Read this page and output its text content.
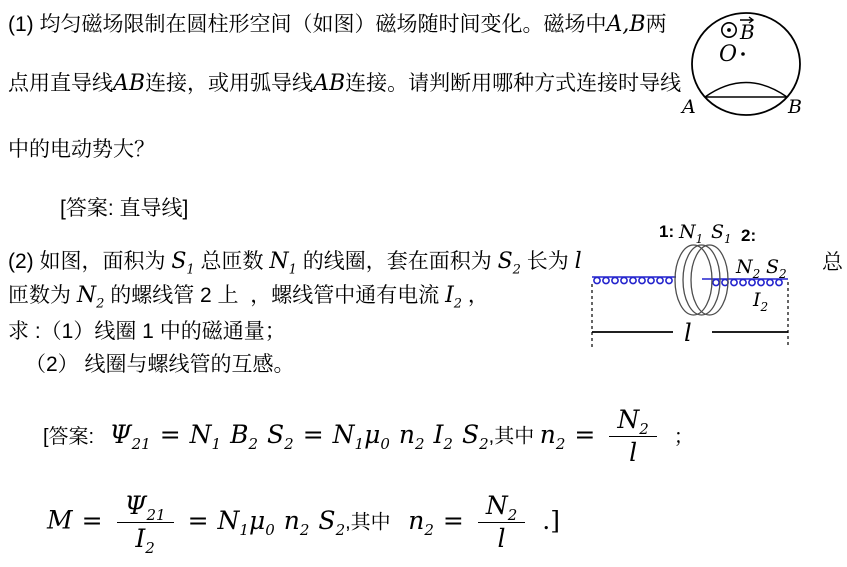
(1) 均匀磁场限制在圆柱形空间（如图）磁场随时间变化。磁场中A,B两
点用直导线AB连接，或用弧导线AB连接。请判断用哪种方式连接时导线
中的电动势大？
[答案: 直导线]
B
O
A	B
(2) 如图，面积为 $S_1$ 总匝数 $N_1$ 的线圈，套在面积为 $S_2$ 长为 l	总
匝数为 $N_2$ 的螺线管 2 上  ，螺线管中通有电流 $I_2$ ，
求 :（1）线圈 1 中的磁通量；
（2） 线圈与螺线管的互感。
1: $N_1$ $S_1$ 2:
$N_2$ $S_2$
$I_2$
l
[答案: $\Psi_{21} = N_1$ $B_2$ $S_2 = N_1\mu_0$ $n_2$ $I_2$ $S_2$,其中 $n_2 = \frac{N_2}{l}$ ；
$M = \frac{\Psi_{21}}{I_2} = N_1\mu_0$ $n_2$ $S_2$,其中 $n_2 = \frac{N_2}{l}$ .]
